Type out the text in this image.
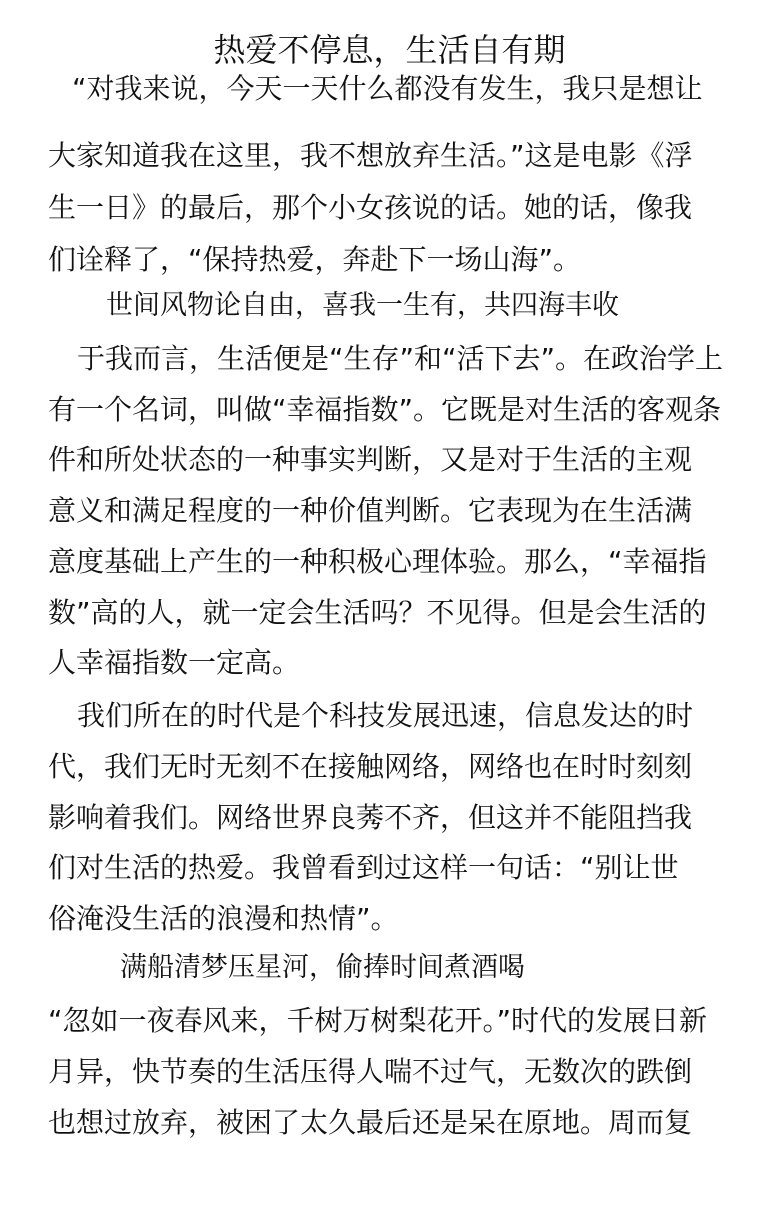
热爱不停息，生活自有期
“对我来说，今天一天什么都没有发生，我只是想让
大家知道我在这里，我不想放弃生活。”这是电影《浮
生一日》的最后，那个小女孩说的话。她的话，像我
们诠释了，“保持热爱，奔赴下一场山海”。
世间风物论自由，喜我一生有，共四海丰收
于我而言，生活便是“生存”和“活下去”。在政治学上
有一个名词，叫做“幸福指数”。它既是对生活的客观条
件和所处状态的一种事实判断，又是对于生活的主观
意义和满足程度的一种价值判断。它表现为在生活满
意度基础上产生的一种积极心理体验。那么，“幸福指
数”高的人，就一定会生活吗？不见得。但是会生活的
人幸福指数一定高。
我们所在的时代是个科技发展迅速，信息发达的时
代，我们无时无刻不在接触网络，网络也在时时刻刻
影响着我们。网络世界良莠不齐，但这并不能阻挡我
们对生活的热爱。我曾看到过这样一句话：“别让世
俗淹没生活的浪漫和热情”。
满船清梦压星河，偷捧时间煮酒喝
“忽如一夜春风来，千树万树梨花开。”时代的发展日新
月异，快节奏的生活压得人喘不过气，无数次的跌倒
也想过放弃，被困了太久最后还是呆在原地。周而复
